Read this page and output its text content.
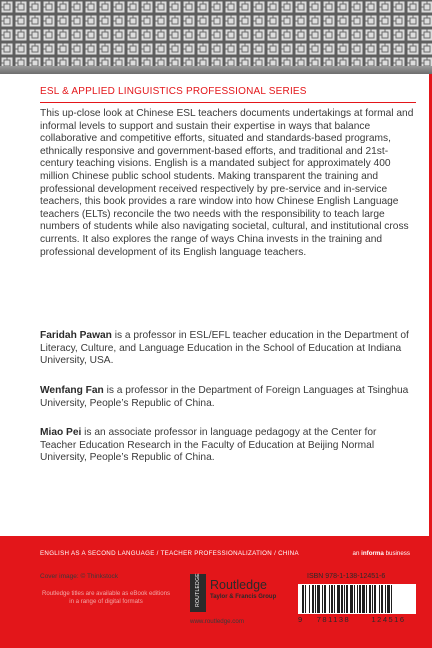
ESL & APPLIED LINGUISTICS PROFESSIONAL SERIES

This up-close look at Chinese ESL teachers documents undertakings at formal and informal levels to support and sustain their expertise in ways that balance collaborative and competitive efforts, situated and standards-based programs, ethnically responsive and government-based efforts, and traditional and 21st-century teaching visions. English is a mandated subject for approximately 400 million Chinese public school students. Making transparent the training and professional development received respectively by pre-service and in-service teachers, this book provides a rare window into how Chinese English Language teachers (ELTs) reconcile the two needs with the responsibility to teach large numbers of students while also navigating societal, cultural, and institutional cross currents. It also explores the range of ways China invests in the training and professional development of its English language teachers.

Faridah Pawan is a professor in ESL/EFL teacher education in the Department of Literacy, Culture, and Language Education in the School of Education at Indiana University, USA.
Wenfang Fan is a professor in the Department of Foreign Languages at Tsinghua University, People’s Republic of China.
Miao Pei is an associate professor in language pedagogy at the Center for Teacher Education Research in the Faculty of Education at Beijing Normal University, People’s Republic of China.
ENGLISH AS A SECOND LANGUAGE / TEACHER PROFESSIONALIZATION / CHINA	an informa business
Cover image: © Thinkstock
Routledge titles are available as eBook editions in a range of digital formats	ROUTLEDGE Routledge
Taylor & Francis Group
www.routledge.com
ISBN 978-1-138-12451-6
9 781138	124516
